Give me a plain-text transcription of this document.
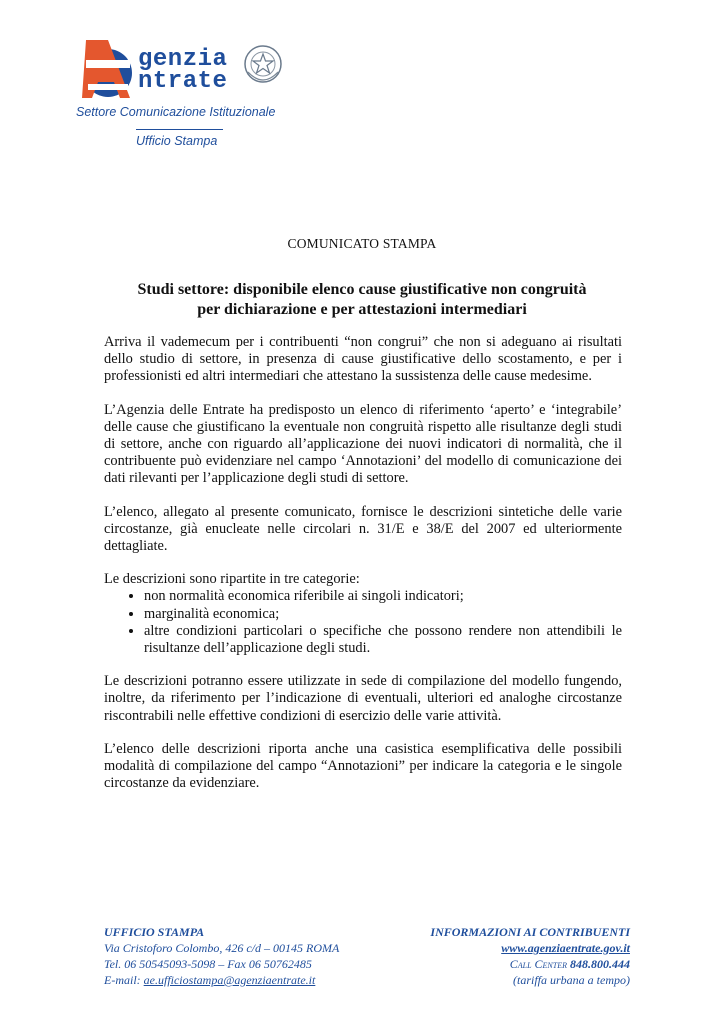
genzia
ntrate
Settore Comunicazione Istituzionale
Ufficio Stampa
COMUNICATO STAMPA
Studi settore: disponibile elenco cause giustificative non congruità
per dichiarazione e per attestazioni intermediari

Arriva il vademecum per i contribuenti “non congrui” che non si adeguano ai risultati dello studio di settore, in presenza di cause giustificative dello scostamento, e per i professionisti ed altri intermediari che attestano la sussistenza delle cause medesime.

L’Agenzia delle Entrate ha predisposto un elenco di riferimento ‘aperto’ e ‘integrabile’ delle cause che giustificano la eventuale non congruità rispetto alle risultanze degli studi di settore, anche con riguardo all’applicazione dei nuovi indicatori di normalità, che il contribuente può evidenziare nel campo ‘Annotazioni’ del modello di comunicazione dei dati rilevanti per l’applicazione degli studi di settore.

L’elenco, allegato al presente comunicato, fornisce le descrizioni sintetiche delle varie circostanze, già enucleate nelle circolari n. 31/E e 38/E del 2007 ed ulteriormente dettagliate.

Le descrizioni sono ripartite in tre categorie:

• non normalità economica riferibile ai singoli indicatori;
• marginalità economica;
• altre condizioni particolari o specifiche che possono rendere non attendibili le risultanze dell’applicazione degli studi.

Le descrizioni potranno essere utilizzate in sede di compilazione del modello fungendo, inoltre, da riferimento per l’indicazione di eventuali, ulteriori ed analoghe circostanze riscontrabili nelle effettive condizioni di esercizio delle varie attività.

L’elenco delle descrizioni riporta anche una casistica esemplificativa delle possibili modalità di compilazione del campo “Annotazioni” per indicare la categoria e le singole circostanze da evidenziare.

UFFICIO STAMPA
Via Cristoforo Colombo, 426 c/d – 00145 ROMA
Tel. 06 50545093-5098 – Fax 06 50762485
E-mail: ae.ufficiostampa@agenziaentrate.it
INFORMAZIONI AI CONTRIBUENTI
www.agenziaentrate.gov.it
Call Center 848.800.444
(tariffa urbana a tempo)
